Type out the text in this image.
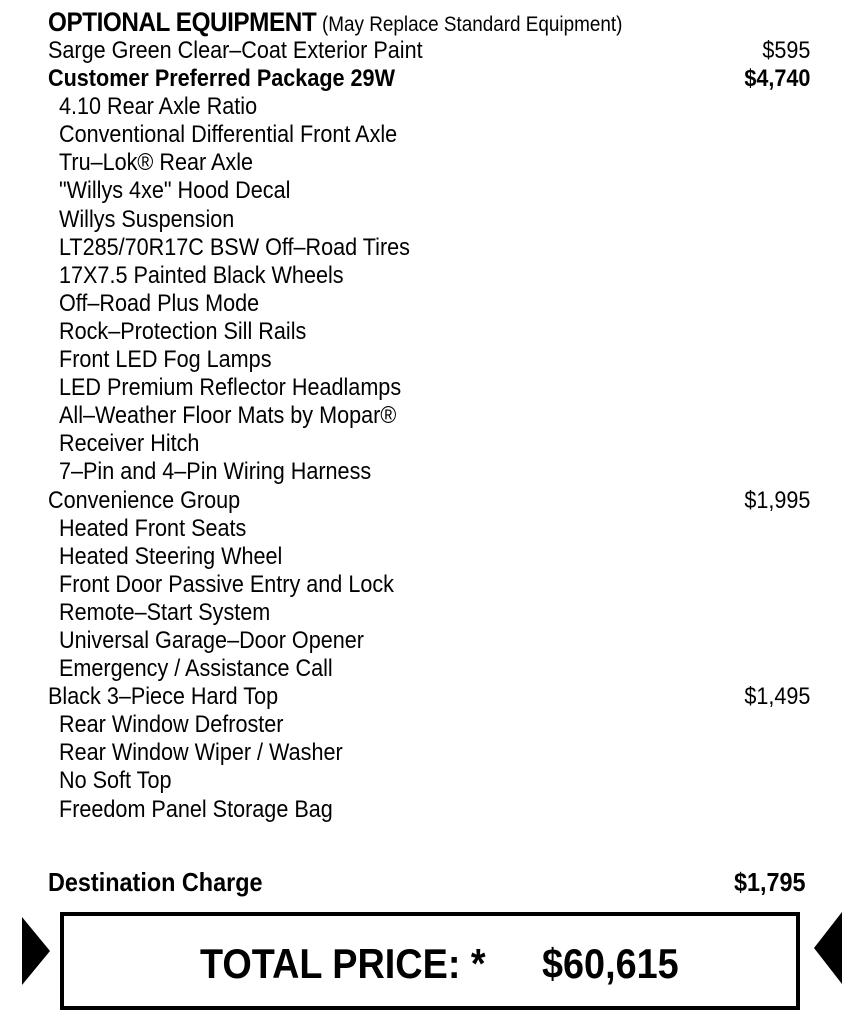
OPTIONAL EQUIPMENT (May Replace Standard Equipment)
Sarge Green Clear–Coat Exterior Paint	$595
Customer Preferred Package 29W	$4,740
4.10 Rear Axle Ratio
Conventional Differential Front Axle
Tru–Lok® Rear Axle
"Willys 4xe" Hood Decal
Willys Suspension
LT285/70R17C BSW Off–Road Tires
17X7.5 Painted Black Wheels
Off–Road Plus Mode
Rock–Protection Sill Rails
Front LED Fog Lamps
LED Premium Reflector Headlamps
All–Weather Floor Mats by Mopar®
Receiver Hitch
7–Pin and 4–Pin Wiring Harness
Convenience Group	$1,995
Heated Front Seats
Heated Steering Wheel
Front Door Passive Entry and Lock
Remote–Start System
Universal Garage–Door Opener
Emergency / Assistance Call
Black 3–Piece Hard Top	$1,495
Rear Window Defroster
Rear Window Wiper / Washer
No Soft Top
Freedom Panel Storage Bag
Destination Charge	$1,795
TOTAL PRICE: * $60,615
